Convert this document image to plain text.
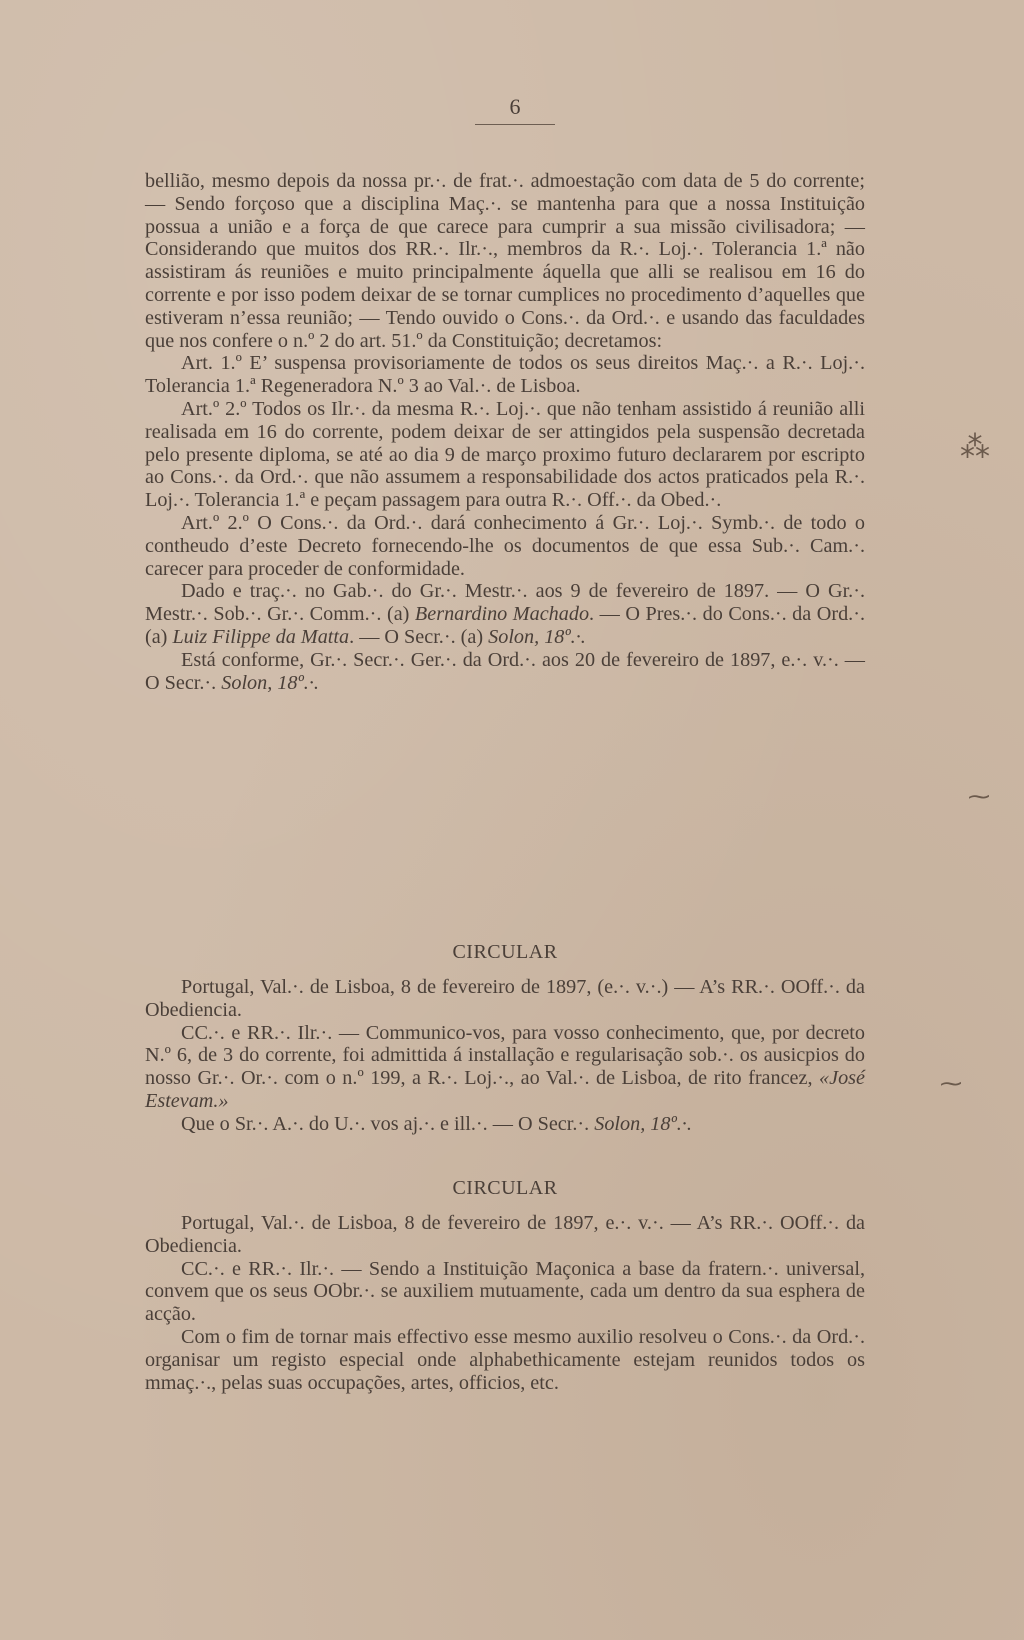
6

bellião, mesmo depois da nossa pr.·. de frat.·. admoestação com data de 5 do corrente; — Sendo forçoso que a disciplina Maç.·. se mantenha para que a nossa Instituição possua a união e a força de que carece para cumprir a sua missão civilisadora; — Considerando que muitos dos RR.·. Ilr.·., membros da R.·. Loj.·. Tolerancia 1.ª não assistiram ás reuniões e muito principalmente áquella que alli se realisou em 16 do corrente e por isso podem deixar de se tornar cumplices no procedimento d’aquelles que estiveram n’essa reunião; — Tendo ouvido o Cons.·. da Ord.·. e usando das faculdades que nos confere o n.º 2 do art. 51.º da Constituição; decretamos:

Art. 1.º E’ suspensa provisoriamente de todos os seus direitos Maç.·. a R.·. Loj.·. Tolerancia 1.ª Regeneradora N.º 3 ao Val.·. de Lisboa.

Art.º 2.º Todos os Ilr.·. da mesma R.·. Loj.·. que não tenham assistido á reunião alli realisada em 16 do corrente, podem deixar de ser attingidos pela suspensão decretada pelo presente diploma, se até ao dia 9 de março proximo futuro declararem por escripto ao Cons.·. da Ord.·. que não assumem a responsabilidade dos actos praticados pela R.·. Loj.·. Tolerancia 1.ª e peçam passagem para outra R.·. Off.·. da Obed.·.

Art.º 2.º O Cons.·. da Ord.·. dará conhecimento á Gr.·. Loj.·. Symb.·. de todo o contheudo d’este Decreto fornecendo-lhe os documentos de que essa Sub.·. Cam.·. carecer para proceder de conformidade.

Dado e traç.·. no Gab.·. do Gr.·. Mestr.·. aos 9 de fevereiro de 1897. — O Gr.·. Mestr.·. Sob.·. Gr.·. Comm.·. (a) Bernardino Machado. — O Pres.·. do Cons.·. da Ord.·. (a) Luiz Filippe da Matta. — O Secr.·. (a) Solon, 18º.·.

Está conforme, Gr.·. Secr.·. Ger.·. da Ord.·. aos 20 de fevereiro de 1897, e.·. v.·. — O Secr.·. Solon, 18º.·.

CIRCULAR

Portugal, Val.·. de Lisboa, 8 de fevereiro de 1897, (e.·. v.·.) — A’s RR.·. OOff.·. da Obediencia.

CC.·. e RR.·. Ilr.·. — Communico-vos, para vosso conhecimento, que, por decreto N.º 6, de 3 do corrente, foi admittida á installação e regularisação sob.·. os ausicpios do nosso Gr.·. Or.·. com o n.º 199, a R.·. Loj.·., ao Val.·. de Lisboa, de rito francez, «José Estevam.»

Que o Sr.·. A.·. do U.·. vos aj.·. e ill.·. — O Secr.·. Solon, 18º.·.

CIRCULAR

Portugal, Val.·. de Lisboa, 8 de fevereiro de 1897, e.·. v.·. — A’s RR.·. OOff.·. da Obediencia.

CC.·. e RR.·. Ilr.·. — Sendo a Instituição Maçonica a base da fratern.·. universal, convem que os seus OObr.·. se auxiliem mutuamente, cada um dentro da sua esphera de acção.

Com o fim de tornar mais effectivo esse mesmo auxilio resolveu o Cons.·. da Ord.·. organisar um registo especial onde alphabethicamente estejam reunidos todos os mmaç.·., pelas suas occupações, artes, officios, etc.

⁂
⁓
⁓
